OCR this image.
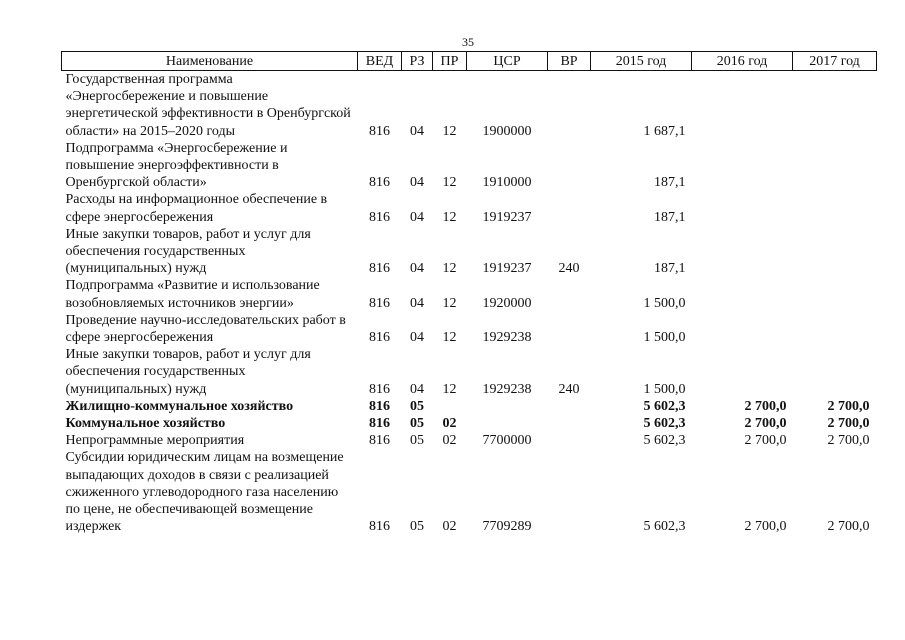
35
Наименование	ВЕД	РЗ	ПР	ЦСР	ВР	2015 год	2016 год	2017 год
Государственная программа «Энергосбережение и повышение энергетической эффективности в Оренбургской области» на 2015–2020 годы	816	04	12	1900000		1 687,1		
Подпрограмма «Энергосбережение и повышение энергоэффективности в Оренбургской области»	816	04	12	1910000		187,1		
Расходы на информационное обеспечение в сфере энергосбережения	816	04	12	1919237		187,1		
Иные закупки товаров, работ и услуг для обеспечения государственных (муниципальных) нужд	816	04	12	1919237	240	187,1		
Подпрограмма «Развитие и использование возобновляемых источников энергии»	816	04	12	1920000		1 500,0		
Проведение научно-исследовательских работ в сфере энергосбережения	816	04	12	1929238		1 500,0		
Иные закупки товаров, работ и услуг для обеспечения государственных (муниципальных) нужд	816	04	12	1929238	240	1 500,0		
Жилищно-коммунальное хозяйство	816	05				5 602,3	2 700,0	2 700,0
Коммунальное хозяйство	816	05	02			5 602,3	2 700,0	2 700,0
Непрограммные мероприятия	816	05	02	7700000		5 602,3	2 700,0	2 700,0
Субсидии юридическим лицам на возмещение выпадающих доходов в связи с реализацией сжиженного углеводородного газа населению по цене, не обеспечивающей возмещение издержек	816	05	02	7709289		5 602,3	2 700,0	2 700,0
